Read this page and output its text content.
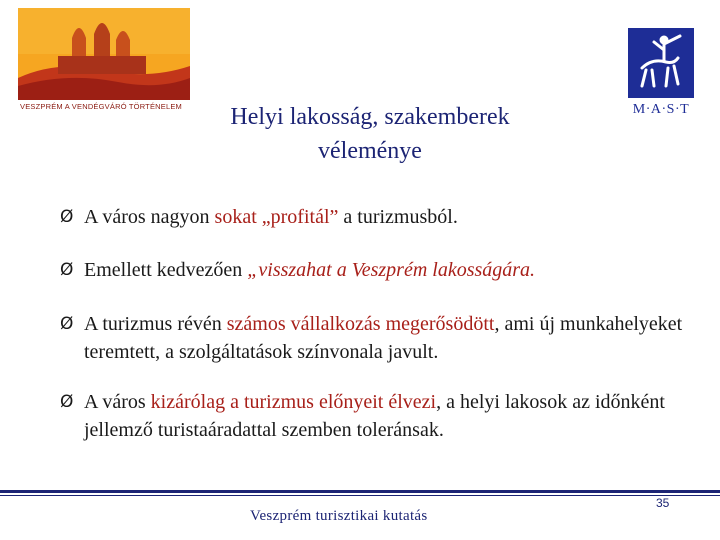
VESZPRÉM A VENDÉGVÁRÓ TÖRTÉNELEM	M·A·S·T
Helyi lakosság, szakemberek
véleménye
Ø A város nagyon sokat „profitál” a turizmusból.
Ø Emellett kedvezően „visszahat a Veszprém lakosságára.
Ø A turizmus révén számos vállalkozás megerősödött, ami új munkahelyeket teremtett, a szolgáltatások színvonala javult.
Ø A város kizárólag a turizmus előnyeit élvezi, a helyi lakosok az időnként jellemző turistaáradattal szemben toleránsak.
Veszprém turisztikai kutatás
35
